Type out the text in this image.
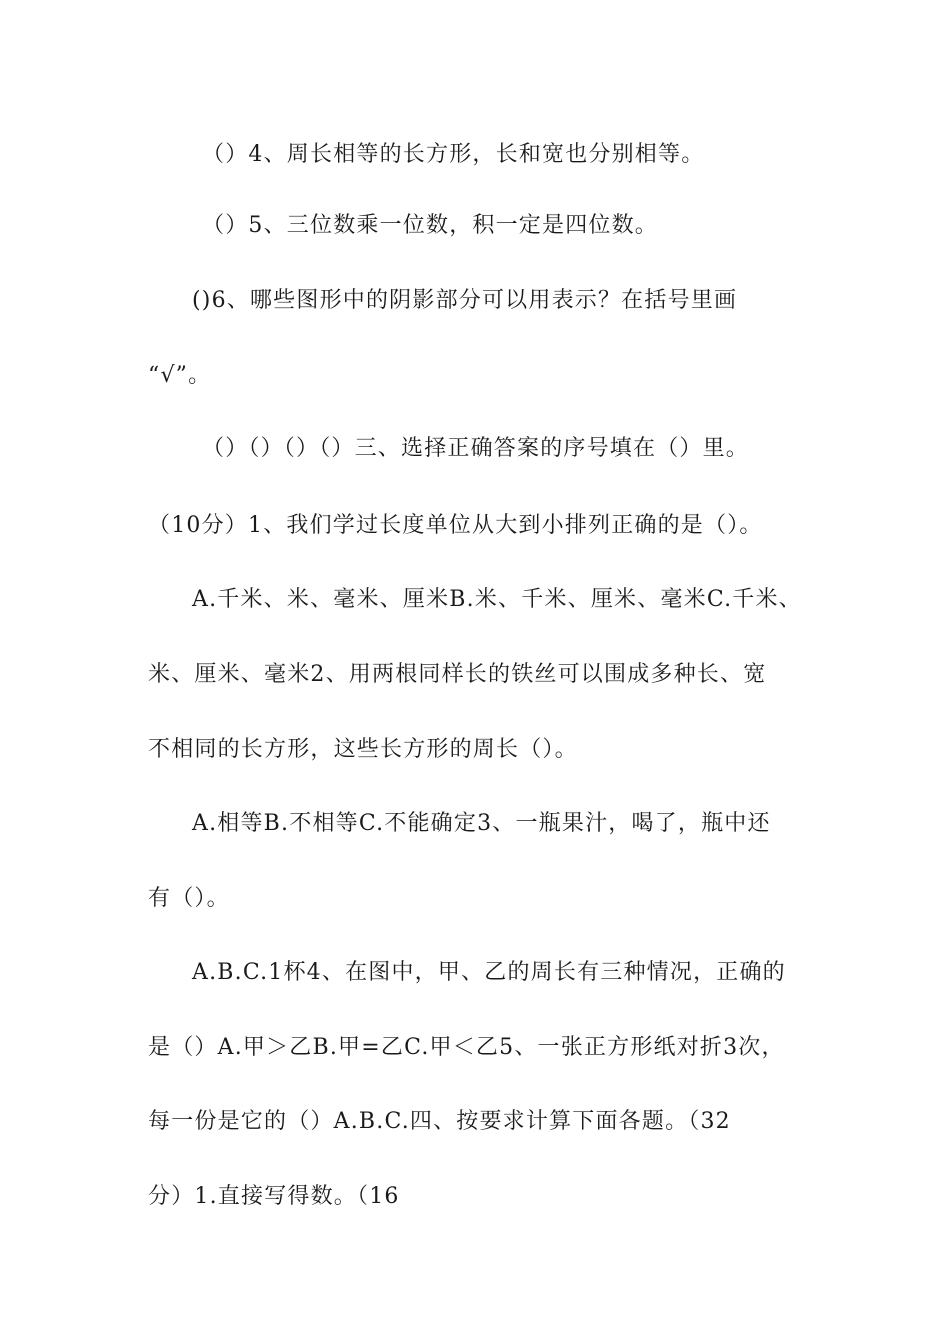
（）4、周长相等的长方形，长和宽也分别相等。
（）5、三位数乘一位数，积一定是四位数。
()6、哪些图形中的阴影部分可以用表示？在括号里画
“√”。
（）（）（）（）三、选择正确答案的序号填在（）里。
（10分）1、我们学过长度单位从大到小排列正确的是（）。
A.千米、米、毫米、厘米B.米、千米、厘米、毫米C.千米、
米、厘米、毫米2、用两根同样长的铁丝可以围成多种长、宽
不相同的长方形，这些长方形的周长（）。
A.相等B.不相等C.不能确定3、一瓶果汁，喝了，瓶中还
有（）。
A.B.C.1杯4、在图中，甲、乙的周长有三种情况，正确的
是（）A.甲＞乙B.甲=乙C.甲＜乙5、一张正方形纸对折3次，
每一份是它的（）A.B.C.四、按要求计算下面各题。（32
分）1.直接写得数。（16
